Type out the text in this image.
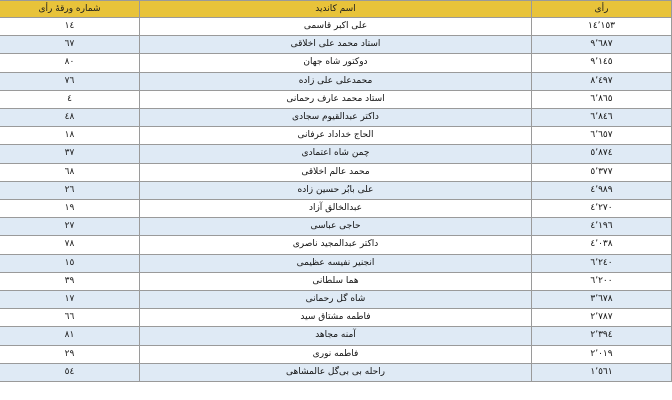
رأی	اسم کاندید	شماره ورقهٔ رأی
١٤٬١٥٣	علی اکبر قاسمی	١٤
٩٬٦٨٧	استاد محمد علی اخلاقی	٦٧
٩٬١٤٥	دوکتور شاه جهان	٨٠
٨٬٤٩٧	محمدعلی علی زاده	٧٦
٦٬٨٦٥	استاد محمد عارف رحمانی	٤
٦٬٨٤٦	داکتر عبدالقیوم سجادی	٤٨
٦٬٦٥٧	الحاج خداداد عرفانی	١٨
٥٬٨٧٤	چمن شاه اعتمادی	٣٧
٥٬٣٧٧	محمد عالم اخلاقی	٦٨
٤٬٩٨٩	علی بابُر حسین زاده	٢٦
٤٬٢٧٠	عبدالخالق آزاد	١٩
٤٬١٩٦	حاجی عباسی	٢٧
٤٬٠٣٨	داکتر عبدالمجید ناصری	٧٨
٦٬٢٤٠	انجنیر نفیسه عظیمی	١٥
٦٬٢٠٠	هما سلطانی	٣٩
٣٬٦٧٨	شاه گل رحمانی	١٧
٢٬٧٨٧	فاطمه مشتاق سید	٦٦
٢٬٣٩٤	آمنه مجاهد	٨١
٢٬٠١٩	فاطمه نوری	٢٩
١٬٥٦١	راحله بی بی‌گل عالمشاهی	٥٤
